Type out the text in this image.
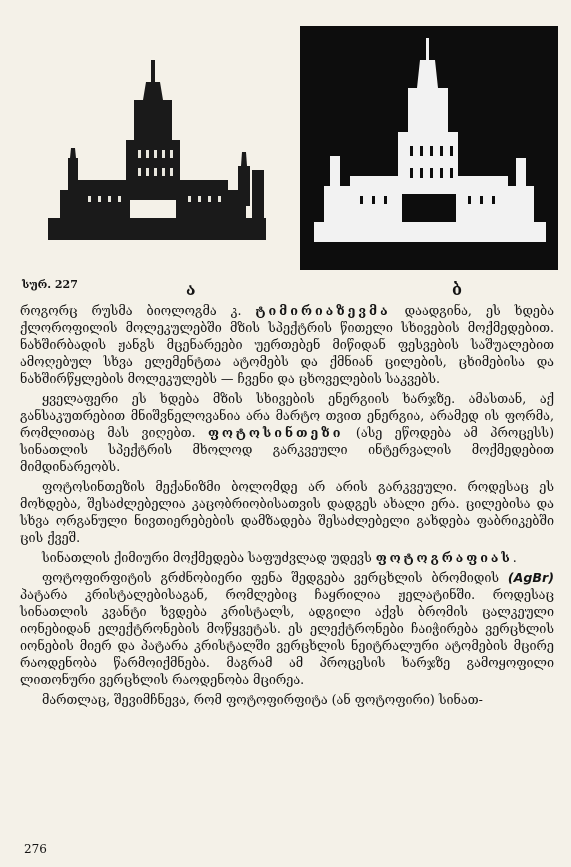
სურ. 227	ა	ბ

როგორც რუსმა ბიოლოგმა კ. ტიმირიაზევმა დაადგინა, ეს ხდება ქლოროფილის მოლეკულებში მზის სპექტრის წითელი სხივების მოქმედებით. ნახშირბადის ჟანგს მცენარეები უერთებენ მიწიდან ფესვების საშუალებით ამოღებულ სხვა ელემენტთა ატომებს და ქმნიან ცილების, ცხიმებისა და ნახშირწყლების მოლეკულებს — ჩვენი და ცხოველების საკვებს.

ყველაფერი ეს ხდება მზის სხივების ენერგიის ხარჯზე. ამასთან, აქ განსაკუთრებით მნიშვნელოვანია არა მარტო თვით ენერგია, არამედ ის ფორმა, რომლითაც მას ვიღებთ. ფოტოსინთეზი (ასე ეწოდება ამ პროცესს) სინათლის სპექტრის მხოლოდ გარკვეული ინტერვალის მოქმედებით მიმდინარეობს.

ფოტოსინთეზის მექანიზმი ბოლომდე არ არის გარკვეული. როდესაც ეს მოხდება, შესაძლებელია კაცობრიობისათვის დადგეს ახალი ერა. ცილებისა და სხვა ორგანული ნივთიერებების დამზადება შესაძლებელი გახდება ფაბრიკებში ცის ქვეშ.

სინათლის ქიმიური მოქმედება საფუძვლად უდევს ფოტოგრაფიას.

ფოტოფირფიტის გრძნობიერი ფენა შედგება ვერცხლის ბრომიდის (AgBr) პატარა კრისტალებისაგან, რომლებიც ჩაყრილია ჟელატინში. როდესაც სინათლის კვანტი ხვდება კრისტალს, ადგილი აქვს ბრომის ცალკეული იონებიდან ელექტრონების მოწყვეტას. ეს ელექტრონები ჩაიჭირება ვერცხლის იონების მიერ და პატარა კრისტალში ვერცხლის ნეიტრალური ატომების მცირე რაოდენობა წარმოიქმნება. მაგრამ ამ პროცესის ხარჯზე გამოყოფილი ლითონური ვერცხლის რაოდენობა მცირეა.

მართლაც, შევიმჩნევა, რომ ფოტოფირფიტა (ან ფოტოფირი) სინათ-

276
